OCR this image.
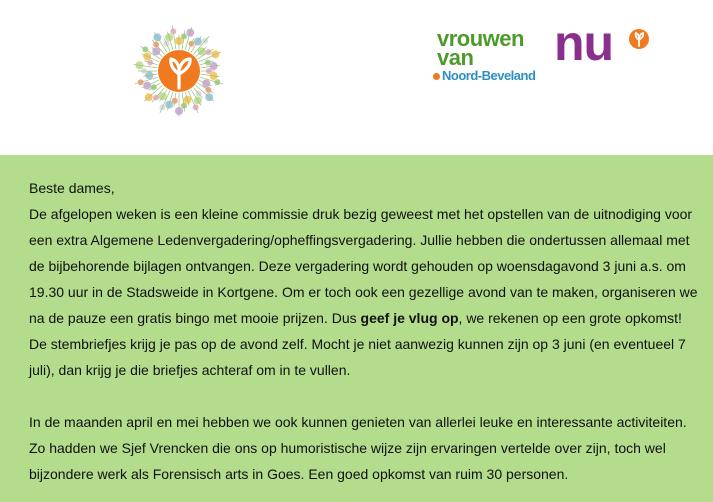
vrouwen
van nu
Noord-Beveland

Beste dames,
De afgelopen weken is een kleine commissie druk bezig geweest met het opstellen van de uitnodiging voor een extra Algemene Ledenvergadering/opheffingsvergadering. Jullie hebben die ondertussen allemaal met de bijbehorende bijlagen ontvangen. Deze vergadering wordt gehouden op woensdagavond 3 juni a.s. om 19.30 uur in de Stadsweide in Kortgene. Om er toch ook een gezellige avond van te maken, organiseren we na de pauze een gratis bingo met mooie prijzen. Dus geef je vlug op, we rekenen op een grote opkomst! De stembriefjes krijg je pas op de avond zelf. Mocht je niet aanwezig kunnen zijn op 3 juni (en eventueel 7 juli), dan krijg je die briefjes achteraf om in te vullen.

In de maanden april en mei hebben we ook kunnen genieten van allerlei leuke en interessante activiteiten. Zo hadden we Sjef Vrencken die ons op humoristische wijze zijn ervaringen vertelde over zijn, toch wel bijzondere werk als Forensisch arts in Goes. Een goed opkomst van ruim 30 personen.
